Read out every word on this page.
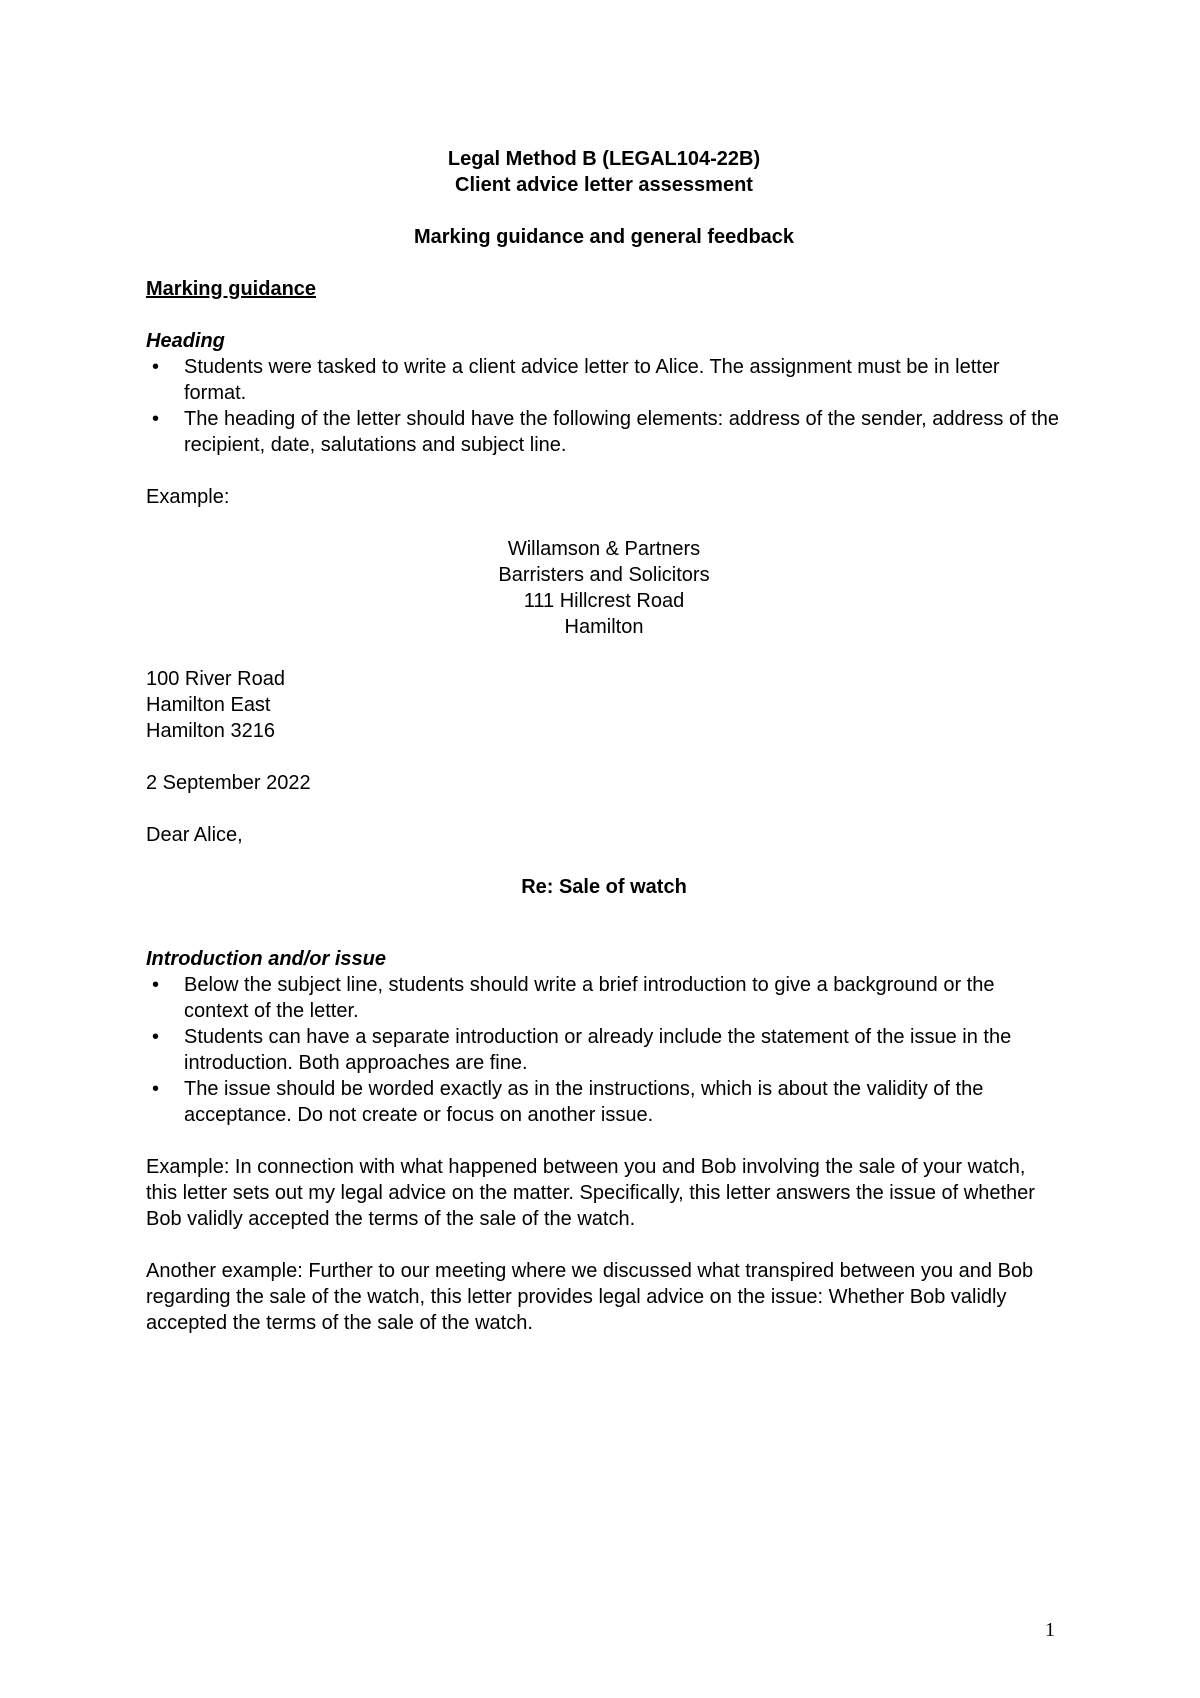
Legal Method B (LEGAL104-22B)

Client advice letter assessment

Marking guidance and general feedback

Marking guidance

Heading

• Students were tasked to write a client advice letter to Alice. The assignment must be in letter format.
• The heading of the letter should have the following elements: address of the sender, address of the recipient, date, salutations and subject line.

Example:

Willamson & Partners

Barristers and Solicitors

111 Hillcrest Road

Hamilton

100 River Road

Hamilton East

Hamilton 3216

2 September 2022

Dear Alice,

Re: Sale of watch

Introduction and/or issue

• Below the subject line, students should write a brief introduction to give a background or the context of the letter.
• Students can have a separate introduction or already include the statement of the issue in the introduction. Both approaches are fine.
• The issue should be worded exactly as in the instructions, which is about the validity of the acceptance. Do not create or focus on another issue.

Example: In connection with what happened between you and Bob involving the sale of your watch, this letter sets out my legal advice on the matter. Specifically, this letter answers the issue of whether Bob validly accepted the terms of the sale of the watch.

Another example: Further to our meeting where we discussed what transpired between you and Bob regarding the sale of the watch, this letter provides legal advice on the issue: Whether Bob validly accepted the terms of the sale of the watch.

1
